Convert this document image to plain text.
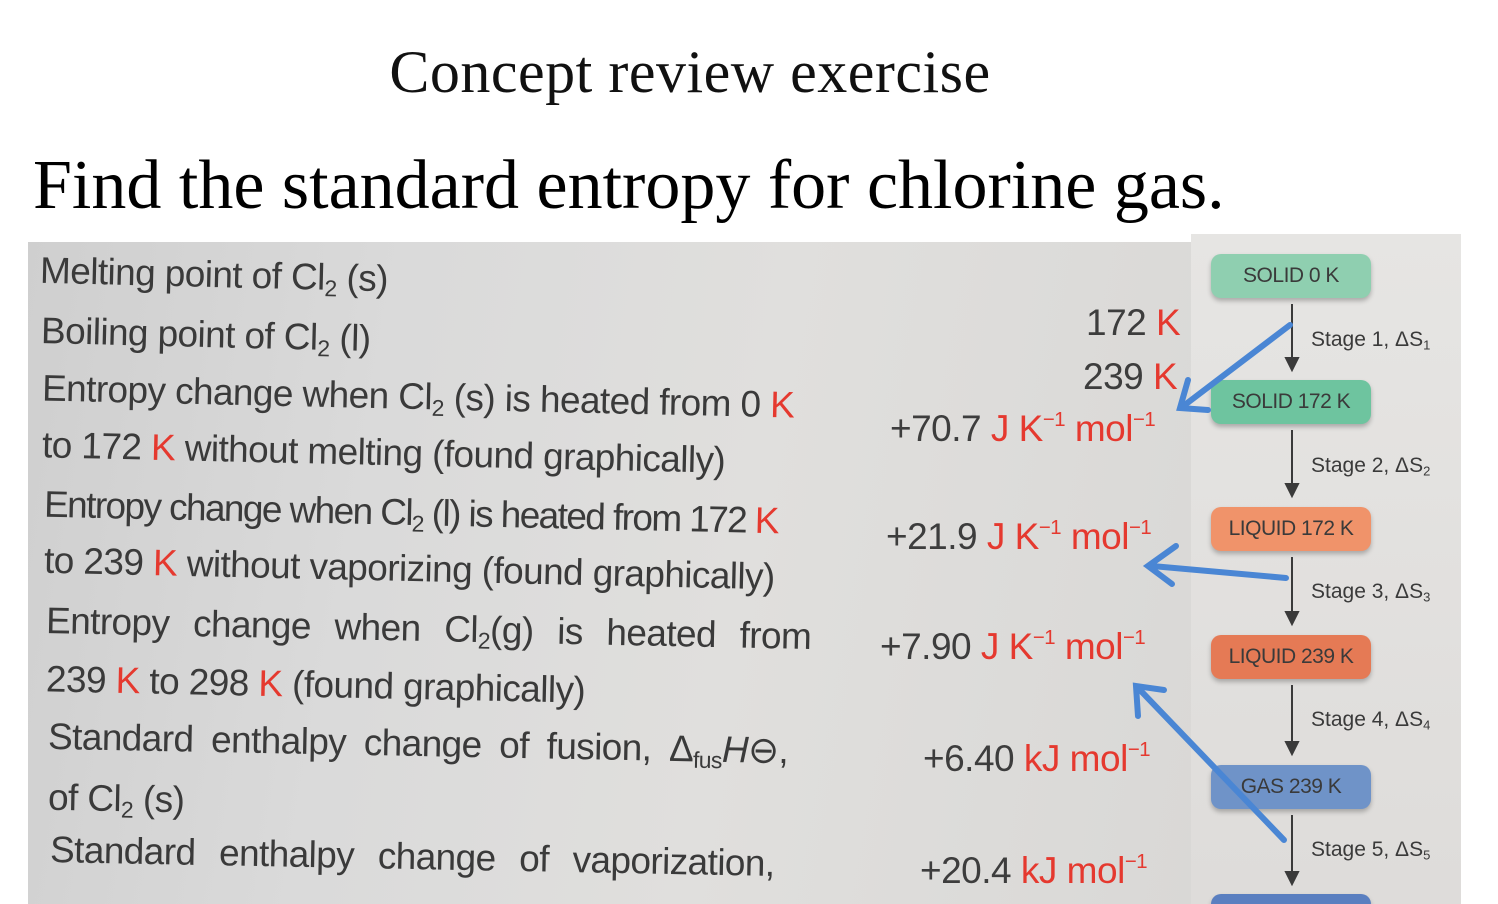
Concept review exercise
Find the standard entropy for chlorine gas.
Melting point of $Cl_2$ (s)
172 K
Boiling point of $Cl_2$ (l)
239 K
Entropy change when $Cl_2$ (s) is heated from 0 K
to 172 K without melting (found graphically)	+70.7 J $K^{-1}$ mol$^{-1}$
Entropy change when $Cl_2$ (l) is heated from 172 K
to 239 K without vaporizing (found graphically)
+21.9 J $K^{-1}$ mol$^{-1}$
Entropy change when $Cl_2(g)$ is heated from
239 K to 298 K (found graphically)
+7.90 J $K^{-1}$ mol$^{-1}$
Standard enthalpy change of fusion, $\Delta_{fus}H⊖$,
of $Cl_2$ (s)
+6.40 kJ mol$^{-1}$
Standard enthalpy change of vaporization,	+20.4 kJ mol$^{-1}$
SOLID 0 K
SOLID 172 K
LIQUID 172 K
LIQUID 239 K
GAS 239 K
Stage 1, $\Delta S_1$
Stage 2, $\Delta S_2$
Stage 3, $\Delta S_3$
Stage 4, $\Delta S_4$
Stage 5, $\Delta S_5$
